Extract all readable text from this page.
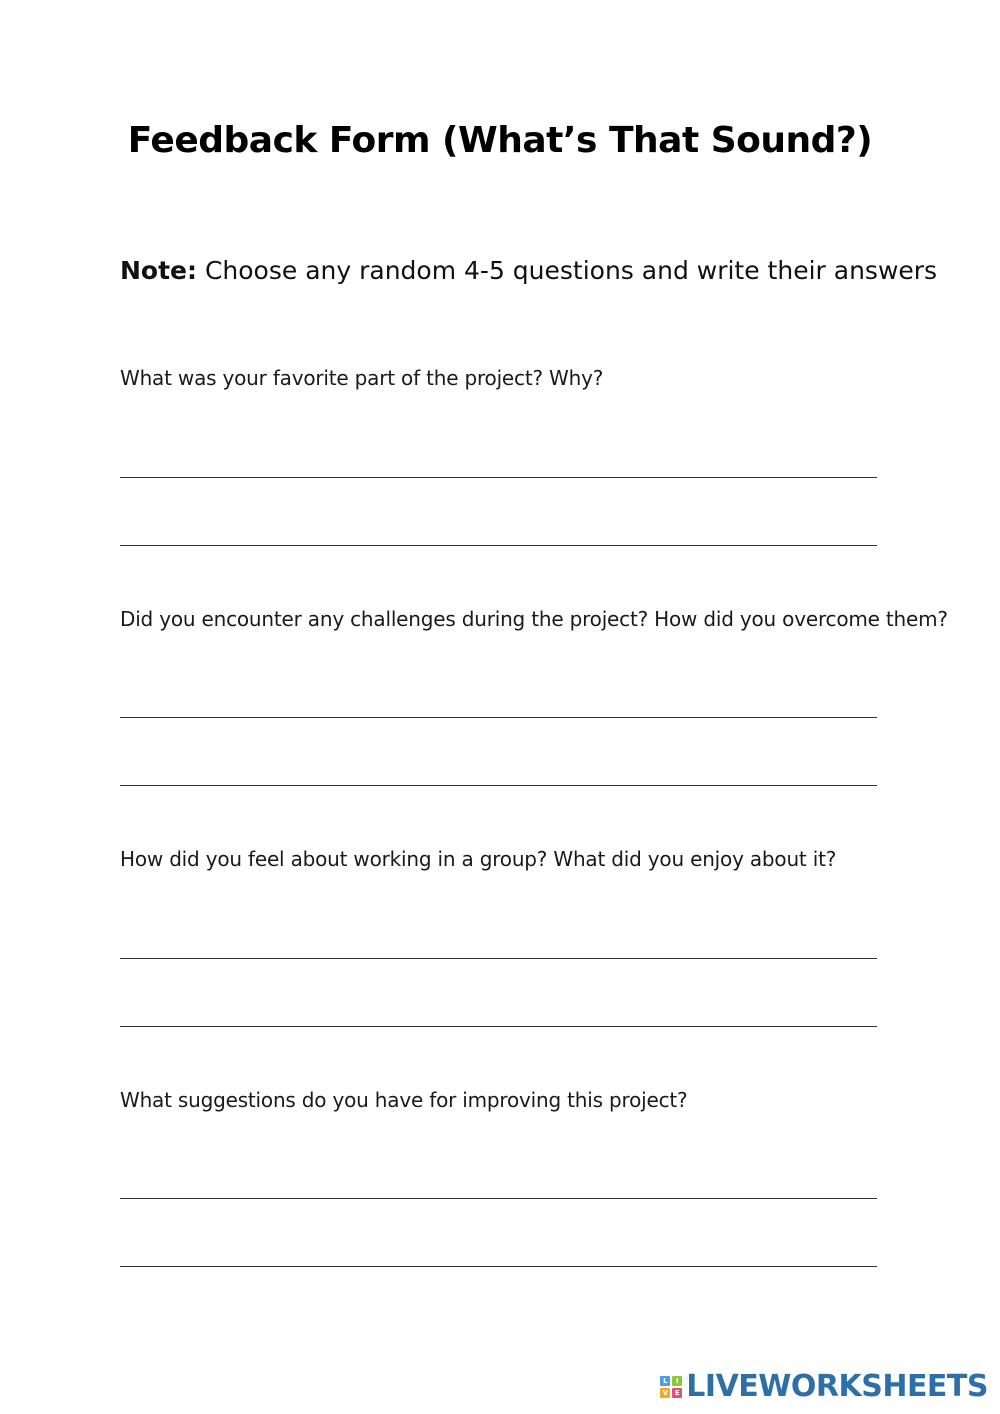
Feedback Form (What’s That Sound?)
Note: Choose any random 4-5 questions and write their answers
What was your favorite part of the project? Why?
Did you encounter any challenges during the project? How did you overcome them?
How did you feel about working in a group? What did you enjoy about it?
What suggestions do you have for improving this project?
L	I
V E LIVEWORKSHEETS
